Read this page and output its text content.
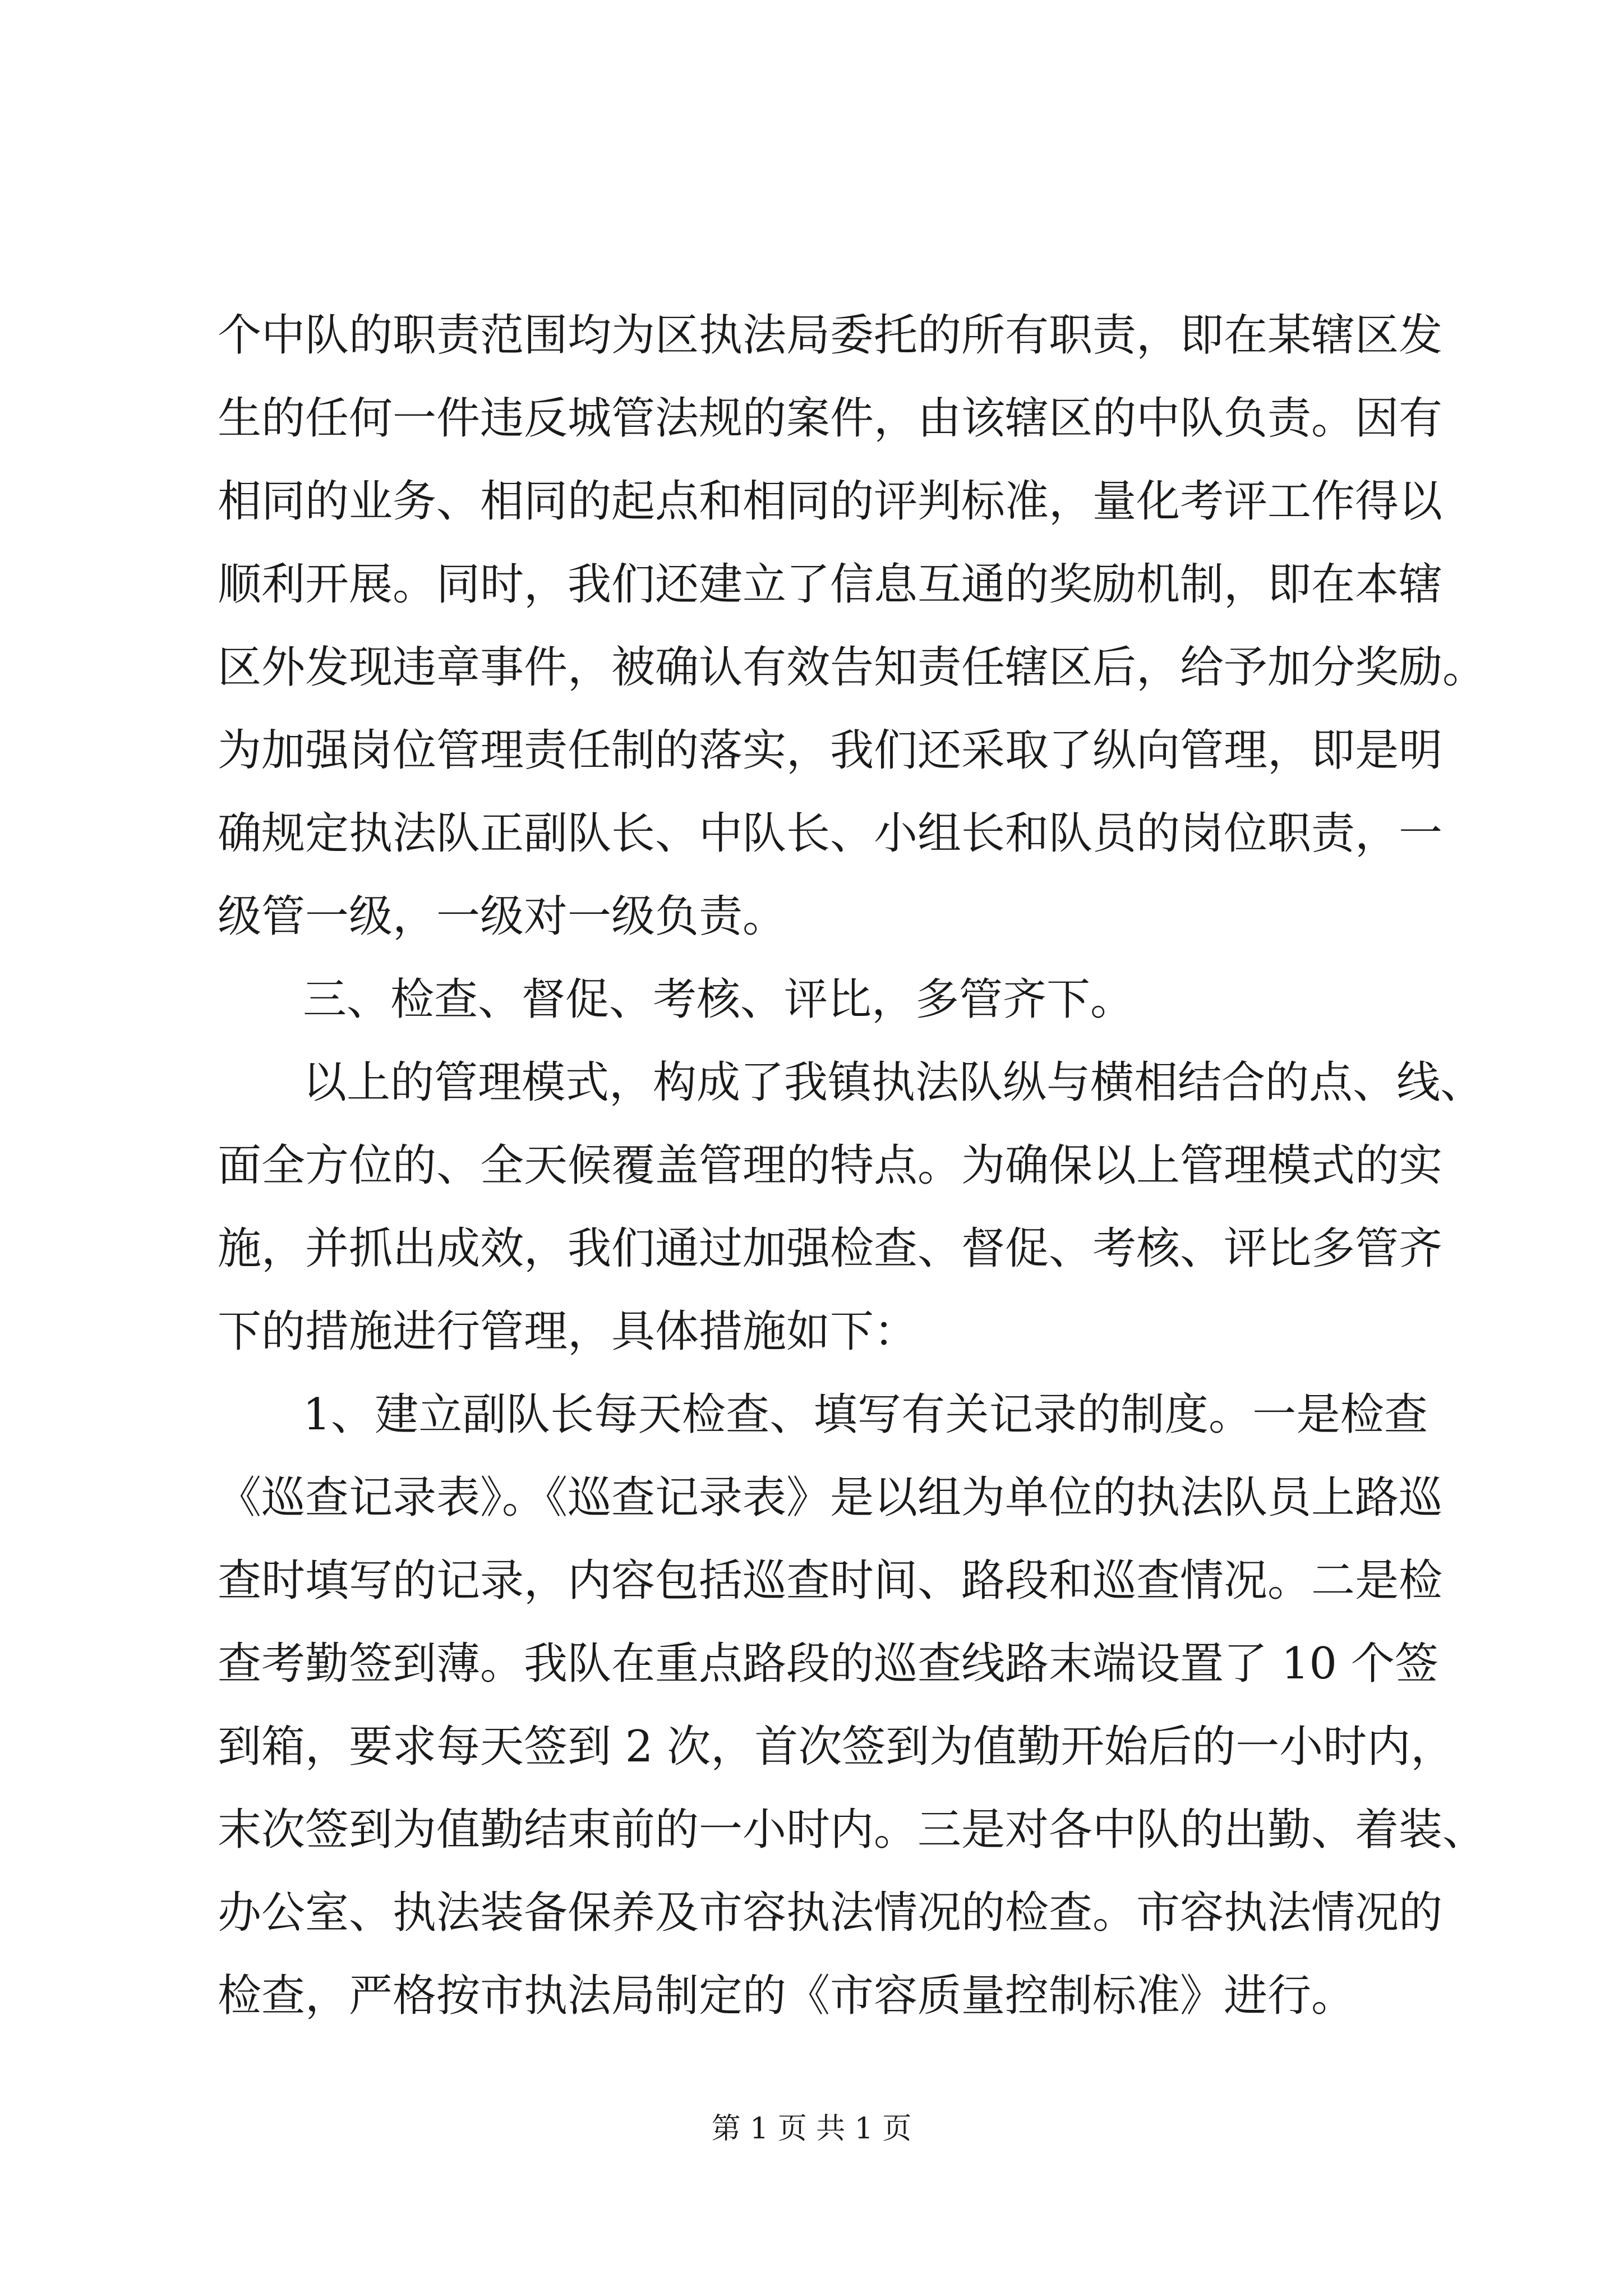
个中队的职责范围均为区执法局委托的所有职责，即在某辖区发

生的任何一件违反城管法规的案件，由该辖区的中队负责。因有

相同的业务、相同的起点和相同的评判标准，量化考评工作得以

顺利开展。同时，我们还建立了信息互通的奖励机制，即在本辖

区外发现违章事件，被确认有效告知责任辖区后，给予加分奖励。

为加强岗位管理责任制的落实，我们还采取了纵向管理，即是明

确规定执法队正副队长、中队长、小组长和队员的岗位职责，一

级管一级，一级对一级负责。

三、检查、督促、考核、评比，多管齐下。

以上的管理模式，构成了我镇执法队纵与横相结合的点、线、

面全方位的、全天候覆盖管理的特点。为确保以上管理模式的实

施，并抓出成效，我们通过加强检查、督促、考核、评比多管齐

下的措施进行管理，具体措施如下：

1、建立副队长每天检查、填写有关记录的制度。一是检查

《巡查记录表》。《巡查记录表》是以组为单位的执法队员上路巡

查时填写的记录，内容包括巡查时间、路段和巡查情况。二是检

查考勤签到薄。我队在重点路段的巡查线路末端设置了 10 个签

到箱，要求每天签到 2 次，首次签到为值勤开始后的一小时内，

末次签到为值勤结束前的一小时内。三是对各中队的出勤、着装、

办公室、执法装备保养及市容执法情况的检查。市容执法情况的

检查，严格按市执法局制定的《市容质量控制标准》进行。

第 1 页 共 1 页
